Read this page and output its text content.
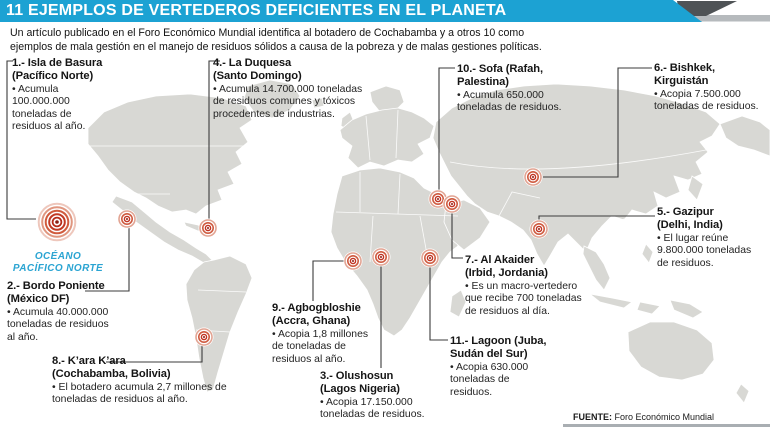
11 EJEMPLOS DE VERTEDEROS DEFICIENTES EN EL PLANETA
Un artículo publicado en el Foro Económico Mundial identifica al botadero de Cochabamba y a otros 10 como
ejemplos de mala gestión en el manejo de residuos sólidos a causa de la pobreza y de malas gestiones políticas.
1.- Isla de Basura
(Pacífico Norte)
• Acumula 100.000.000 toneladas de residuos al año.
2.- Bordo Poniente
(México DF)
• Acumula 40.000.000 toneladas de residuos al año.
3.- Olushosun
(Lagos Nigeria)
• Acopia 17.150.000 toneladas de residuos.
4.- La Duquesa
(Santo Domingo)
• Acumula 14.700.000 toneladas de residuos comunes y tóxicos procedentes de industrias.
5.- Gazipur
(Delhi, India)
• El lugar reúne 9.800.000 toneladas de residuos.
6.- Bishkek,
Kirguistán
• Acopia 7.500.000 toneladas de residuos.
7.- Al Akaider
(Irbid, Jordania)
• Es un macro-vertedero que recibe 700 toneladas de residuos al día.
8.- K’ara K’ara
(Cochabamba, Bolivia)
• El botadero acumula 2,7 millones de toneladas de residuos al año.
9.- Agbogbloshie
(Accra, Ghana)
• Acopia 1,8 millones de toneladas de residuos al año.
10.- Sofa (Rafah,
Palestina)
• Acumula 650.000 toneladas de residuos.
11.- Lagoon (Juba,
Sudán del Sur)
• Acopia 630.000 toneladas de residuos.
OCÉANO
PACÍFICO NORTE
FUENTE: Foro Económico Mundial
